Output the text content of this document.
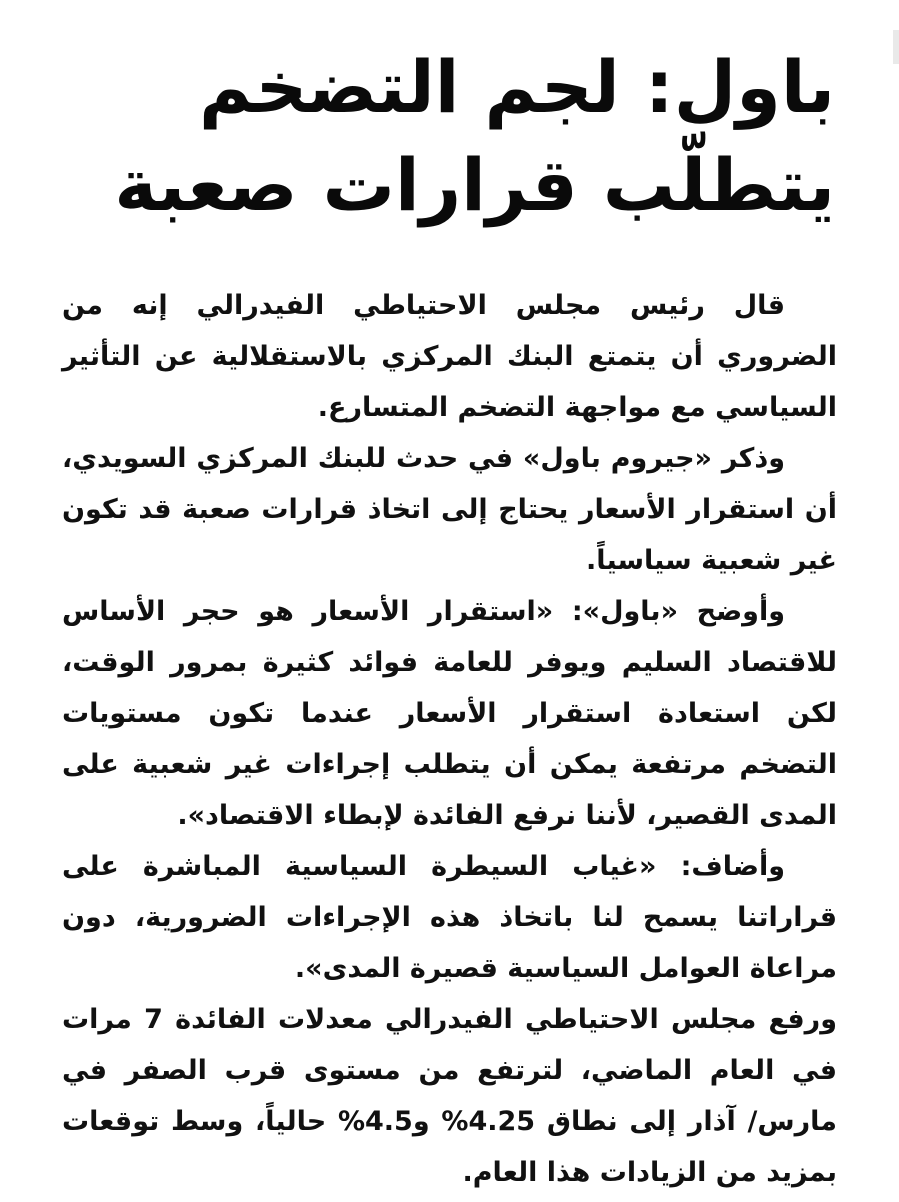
باول: لجم التضخم
يتطلّب قرارات صعبة

قال رئيس مجلس الاحتياطي الفيدرالي إنه من الضروري أن يتمتع البنك المركزي بالاستقلالية عن التأثير السياسي مع مواجهة التضخم المتسارع.

وذكر «جيروم باول» في حدث للبنك المركزي السويدي، أن استقرار الأسعار يحتاج إلى اتخاذ قرارات صعبة قد تكون غير شعبية سياسياً.

وأوضح «باول»: «استقرار الأسعار هو حجر الأساس للاقتصاد السليم ويوفر للعامة فوائد كثيرة بمرور الوقت، لكن استعادة استقرار الأسعار عندما تكون مستويات التضخم مرتفعة يمكن أن يتطلب إجراءات غير شعبية على المدى القصير، لأننا نرفع الفائدة لإبطاء الاقتصاد».

وأضاف: «غياب السيطرة السياسية المباشرة على قراراتنا يسمح لنا باتخاذ هذه الإجراءات الضرورية، دون مراعاة العوامل السياسية قصيرة المدى».

ورفع مجلس الاحتياطي الفيدرالي معدلات الفائدة 7 مرات في العام الماضي، لترتفع من مستوى قرب الصفر في مارس/ آذار إلى نطاق 4.25% و4.5% حالياً، وسط توقعات بمزيد من الزيادات هذا العام.
